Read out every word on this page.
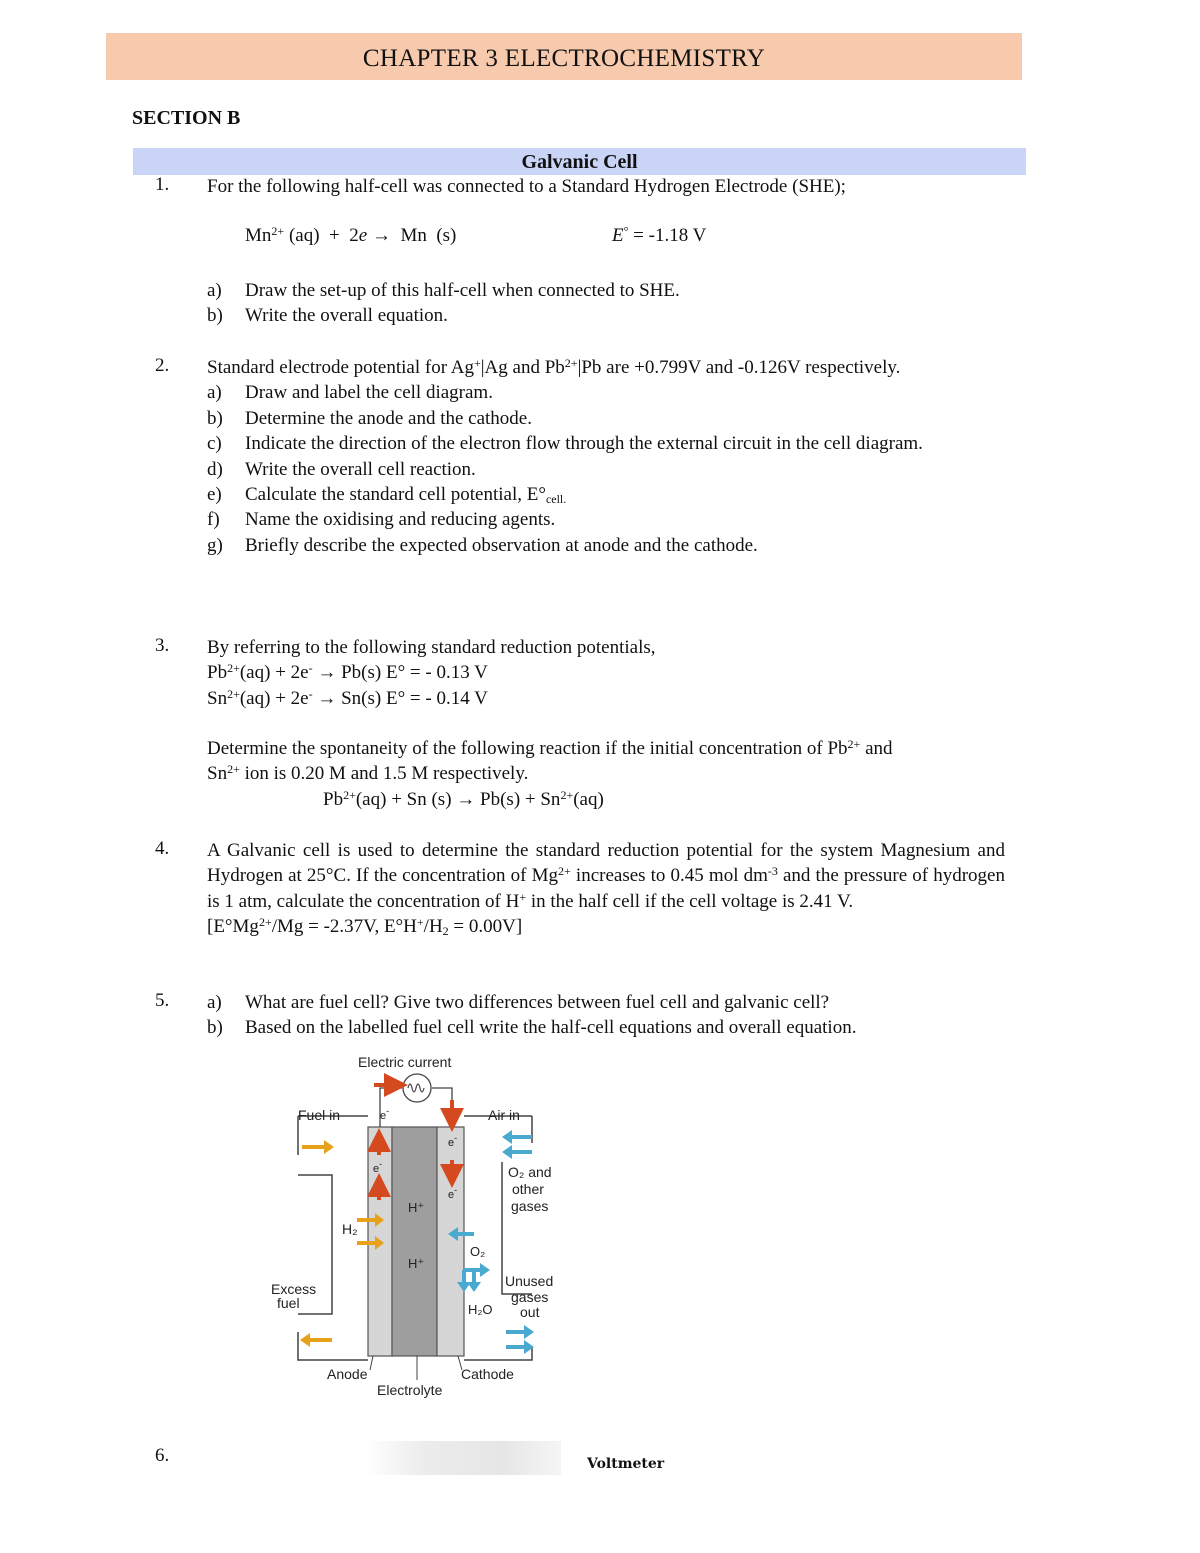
CHAPTER 3 ELECTROCHEMISTRY
SECTION B
Galvanic Cell
1.	For the following half-cell was connected to a Standard Hydrogen Electrode (SHE);
$Mn^{2+}$ (aq)  +  2e →  Mn  (s)	E° = -1.18 V
a)	Draw the set-up of this half-cell when connected to SHE.
b)	Write the overall equation.
2.	Standard electrode potential for Ag+|Ag and $Pb^{2+}|Pb$ are +0.799V and -0.126V respectively.
a)	Draw and label the cell diagram.
b)	Determine the anode and the cathode.
c)	Indicate the direction of the electron flow through the external circuit in the cell diagram.
d)	Write the overall cell reaction.
e)	Calculate the standard cell potential, $E^\circ_{cell.}$
f)	Name the oxidising and reducing agents.
g)	Briefly describe the expected observation at anode and the cathode.
3.	By referring to the following standard reduction potentials,
$Pb^{2+}(aq) + 2e^- \to Pb(s) E^\circ$ = - 0.13 V
$Sn^{2+}(aq) + 2e^- \to Sn(s) E^\circ$ = - 0.14 V
Determine the spontaneity of the following reaction if the initial concentration of $Pb^{2+}$ and
$Sn^{2+}$ ion is 0.20 M and 1.5 M respectively.
$Pb^{2+}(aq) + Sn$ $(s) \to Pb(s) + Sn^{2+}(aq)$
4.	A Galvanic cell is used to determine the standard reduction potential for the system Magnesium and Hydrogen at 25°C. If the concentration of $Mg^{2+}$ increases to 0.45 mol $dm^{-3}$ and the pressure of hydrogen is 1 atm, calculate the concentration of H+ in the half cell if the cell voltage is 2.41 V.
[$E^\circ Mg^{2+}/Mg = -2.37V$, $E^\circ H^+/H_2 = 0.00V$]
5.	a)	What are fuel cell? Give two differences between fuel cell and galvanic cell?
b)	Based on the labelled fuel cell write the half-cell equations and overall equation.
Electric current
Fuel in	Air in
e-
e-
e-
e-
O₂ and
other
gases
H₂
H⁺
H⁺
O₂
H₂O
Unused
gases
out
Excess
fuel
Anode	Cathode
Electrolyte
6.	Voltmeter
